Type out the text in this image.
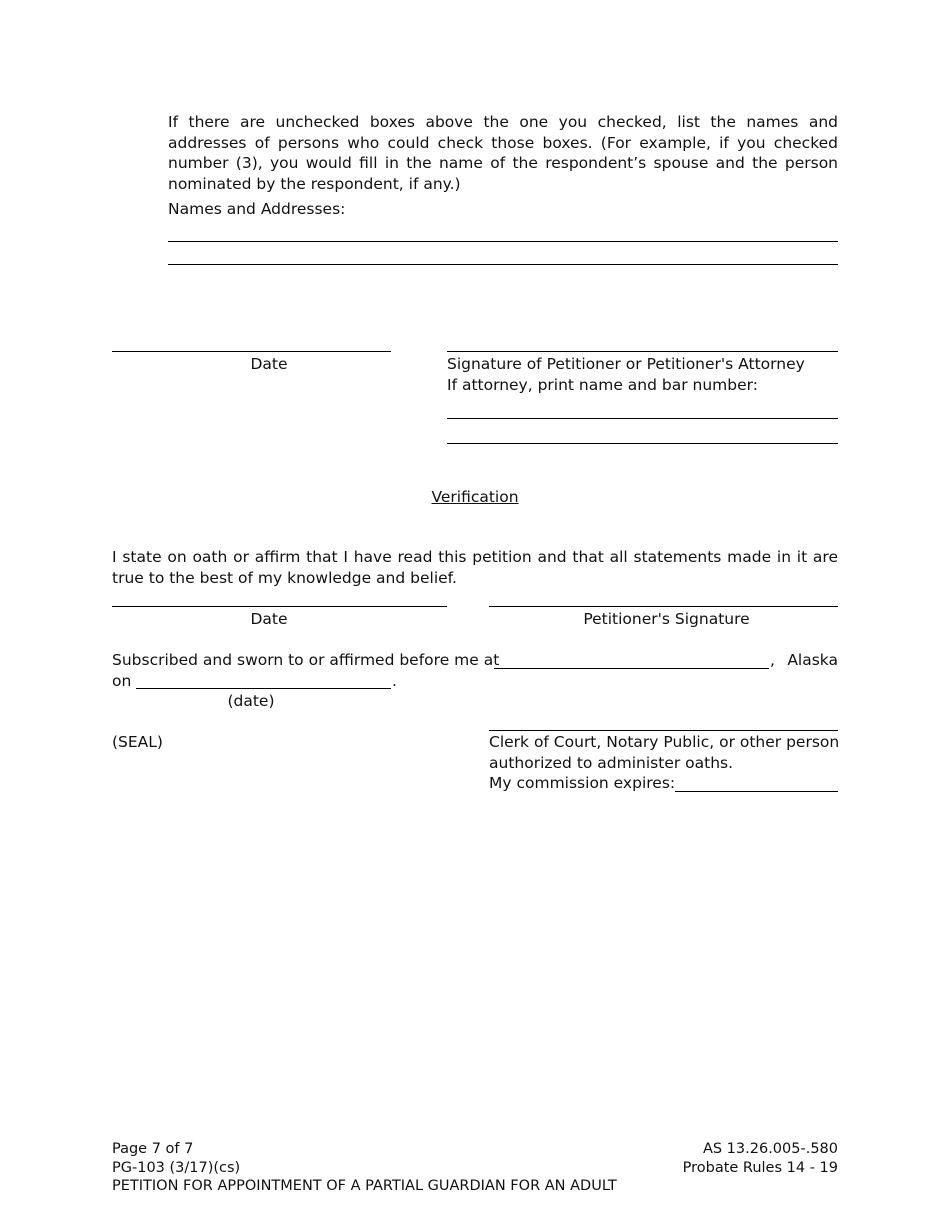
If there are unchecked boxes above the one you checked, list the names and addresses of persons who could check those boxes. (For example, if you checked number (3), you would fill in the name of the respondent’s spouse and the person nominated by the respondent, if any.)
Names and Addresses:
Date	Signature of Petitioner or Petitioner's Attorney
If attorney, print name and bar number:
Verification
I state on oath or affirm that I have read this petition and that all statements made in it are true to the best of my knowledge and belief.
Date	Petitioner's Signature
Subscribed and sworn to or affirmed before me at	, Alaska
on	.
(date)
(SEAL)	Clerk of Court, Notary Public, or other person
authorized to administer oaths.
My commission expires:
Page 7 of 7
PG-103 (3/17)(cs)
PETITION FOR APPOINTMENT OF A PARTIAL GUARDIAN FOR AN ADULT
AS 13.26.005-.580
Probate Rules 14 - 19
